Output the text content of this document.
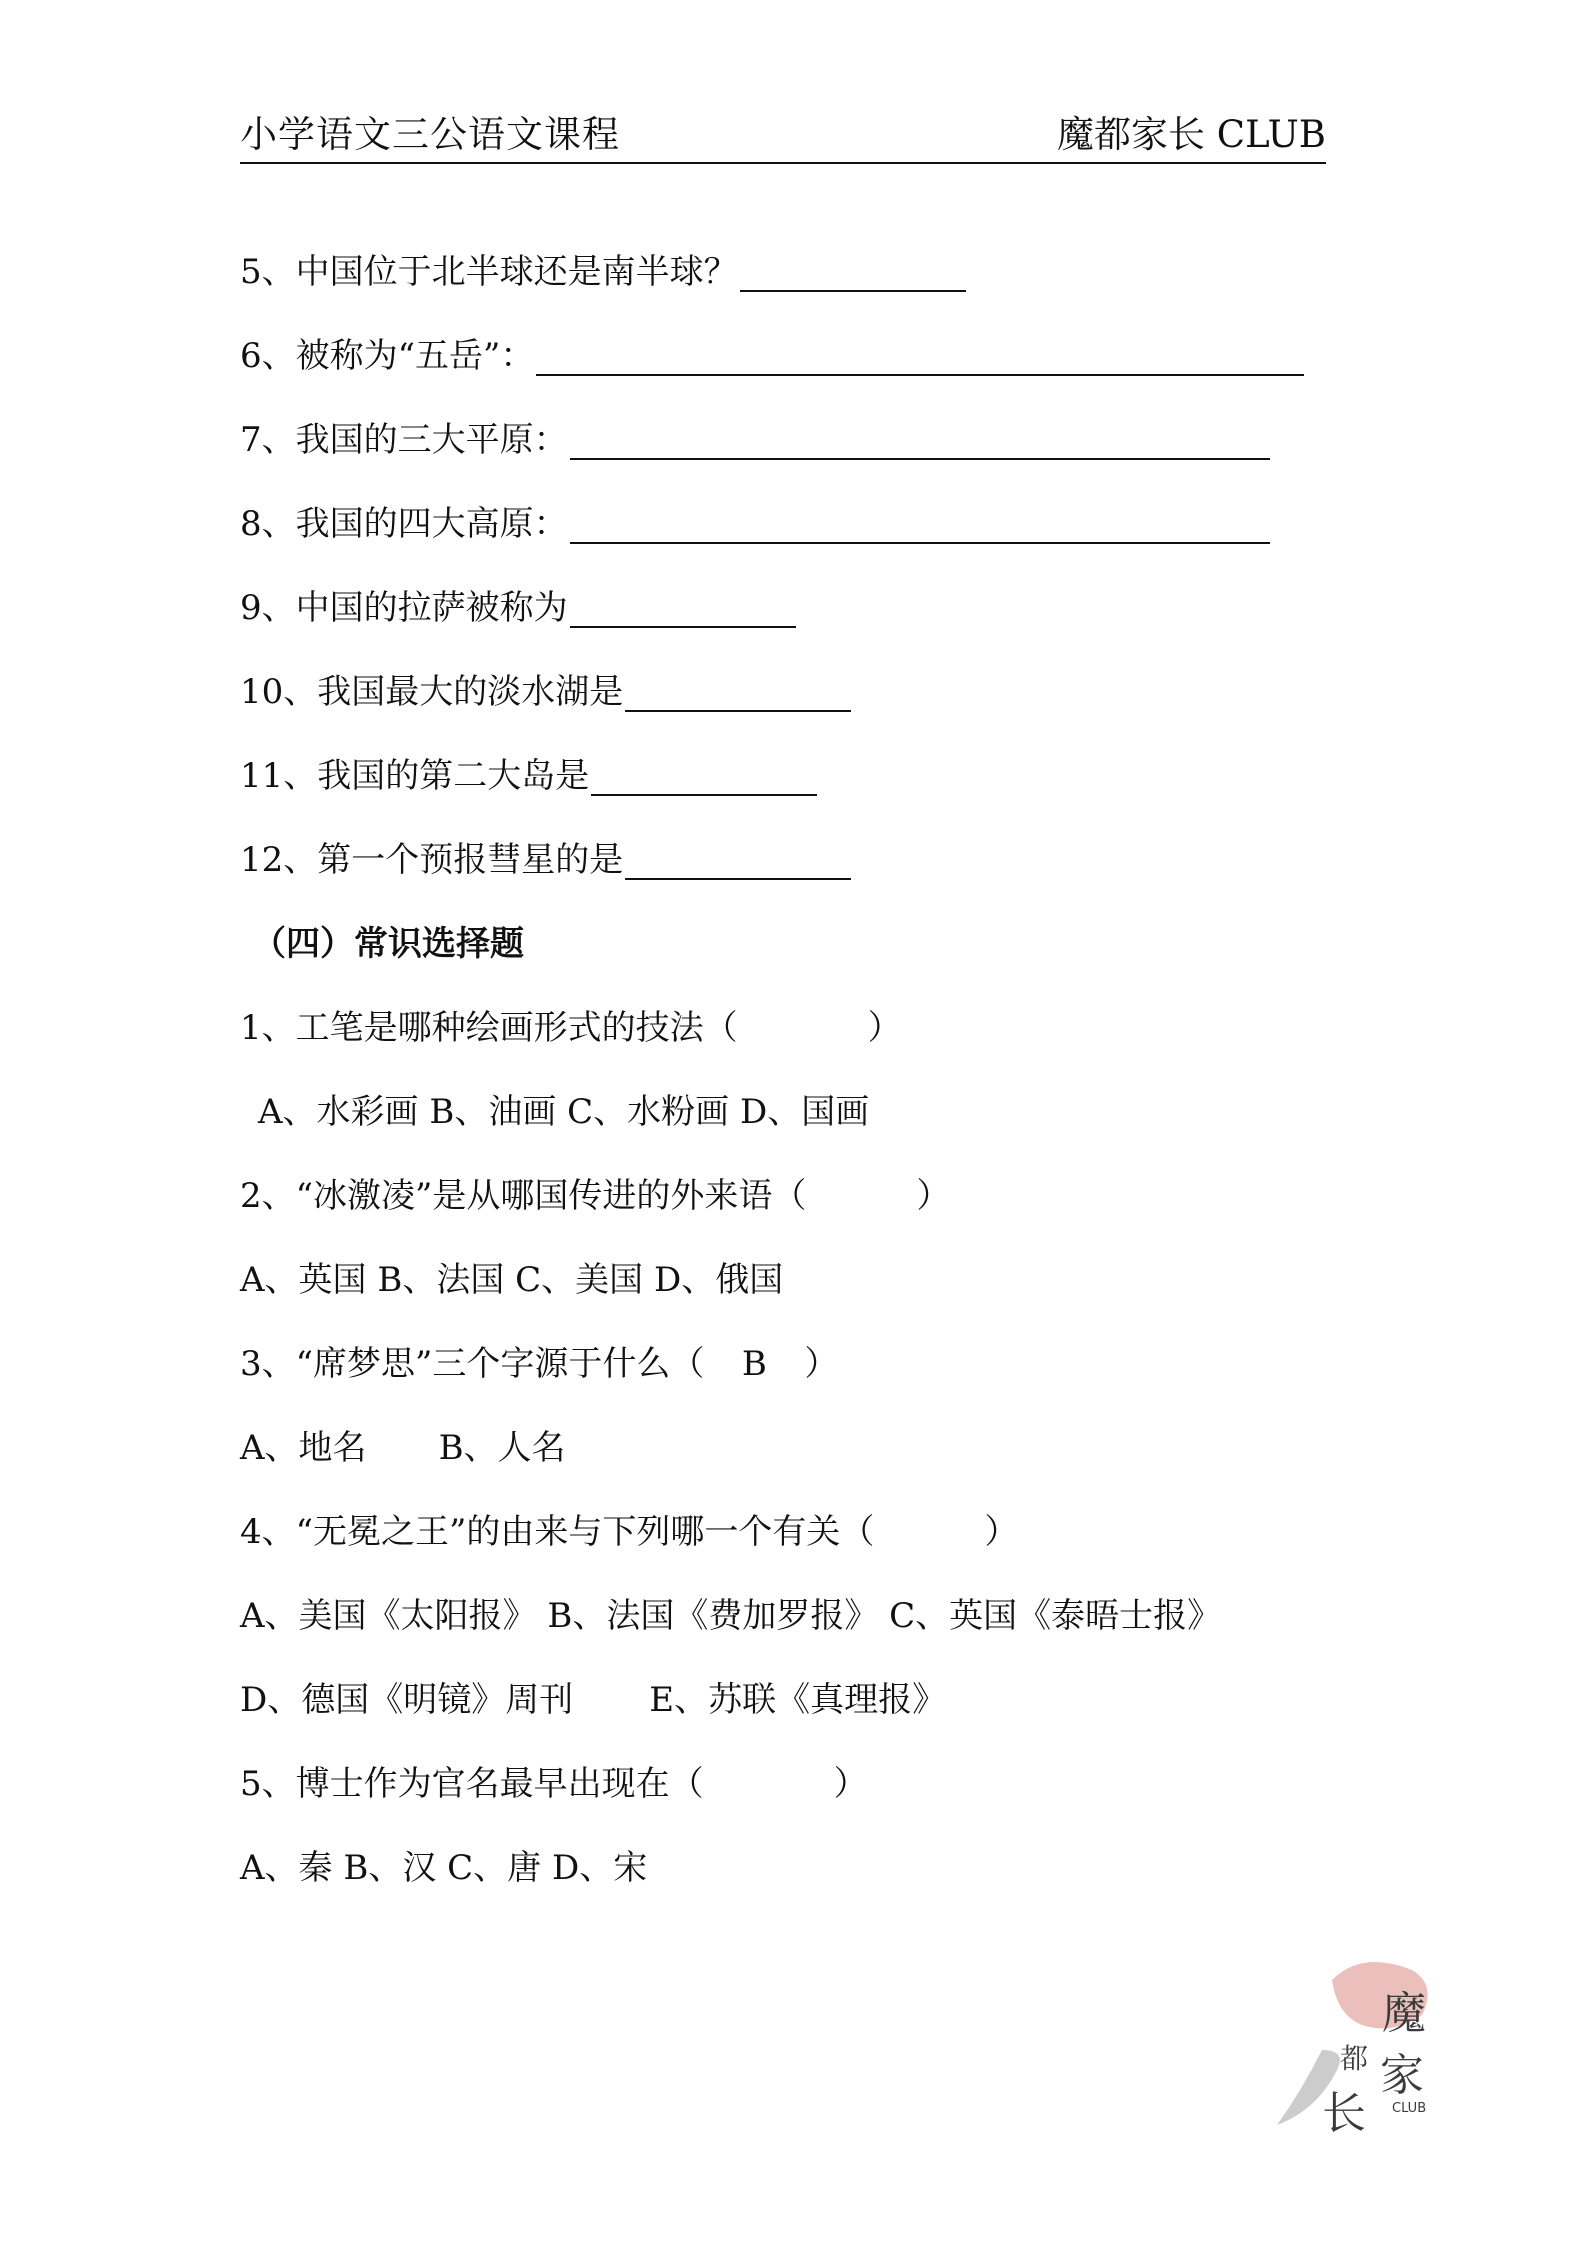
小学语文三公语文课程	魔都家长 CLUB
5、中国位于北半球还是南半球？
6、被称为“五岳”：
7、我国的三大平原：
8、我国的四大高原：
9、中国的拉萨被称为
10、我国最大的淡水湖是
11、我国的第二大岛是
12、第一个预报彗星的是
（四）常识选择题
1、工笔是哪种绘画形式的技法（	）
A、水彩画 B、油画 C、水粉画 D、国画
2、“冰激凌”是从哪国传进的外来语（	）
A、英国 B、法国 C、美国 D、俄国
3、“席梦思”三个字源于什么（	B	）
A、地名 B、人名
4、“无冕之王”的由来与下列哪一个有关（	）
A、美国《太阳报》 B、法国《费加罗报》 C、英国《泰晤士报》
D、德国《明镜》周刊 E、苏联《真理报》
5、博士作为官名最早出现在（	）
A、秦 B、汉 C、唐 D、宋
魔
都 家
长 CLUB
